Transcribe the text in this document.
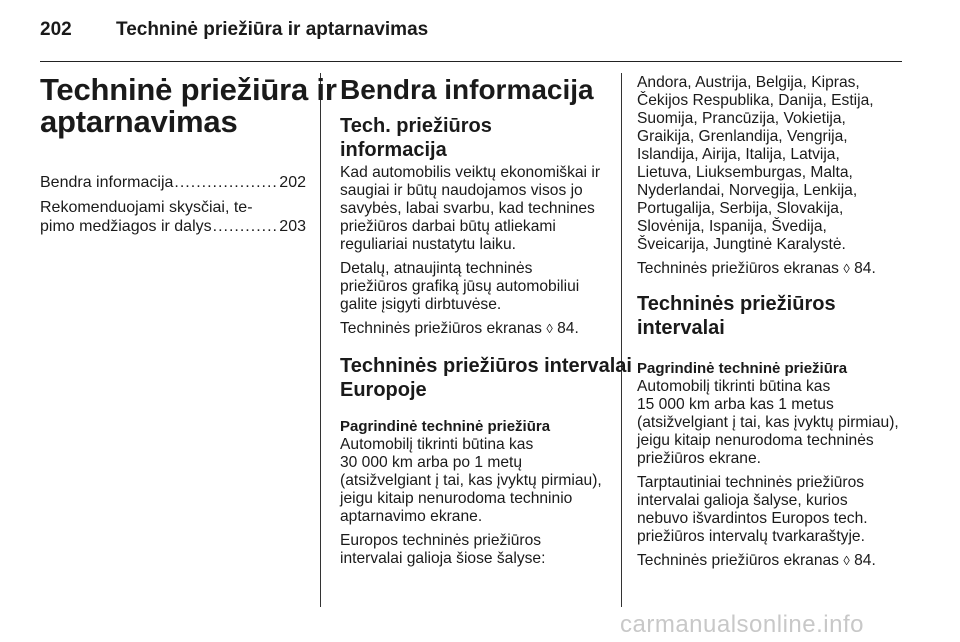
202 Techninė priežiūra ir aptarnavimas
Techninė priežiūra ir
aptarnavimas
Bendra informacija .....	202
Rekomenduojami skysčiai, te-
pimo medžiagos ir dalys .....	203
Bendra informacija
Tech. priežiūros
informacija

Kad automobilis veiktų ekonomiškai ir
saugiai ir būtų naudojamos visos jo
savybės, labai svarbu, kad technines
priežiūros darbai būtų atliekami
reguliariai nustatytu laiku.

Detalų, atnaujintą techninės
priežiūros grafiką jūsų automobiliui
galite įsigyti dirbtuvėse.

Techninės priežiūros ekranas ◊ 84.

Techninės priežiūros intervalai
Europoje
Pagrindinė techninė priežiūra

Automobilį tikrinti būtina kas
30 000 km arba po 1 metų
(atsižvelgiant į tai, kas įvyktų pirmiau),
jeigu kitaip nenurodoma techninio
aptarnavimo ekrane.

Europos techninės priežiūros
intervalai galioja šiose šalyse:

Andora, Austrija, Belgija, Kipras,
Čekijos Respublika, Danija, Estija,
Suomija, Prancūzija, Vokietija,
Graikija, Grenlandija, Vengrija,
Islandija, Airija, Italija, Latvija,
Lietuva, Liuksemburgas, Malta,
Nyderlandai, Norvegija, Lenkija,
Portugalija, Serbija, Slovakija,
Slovėnija, Ispanija, Švedija,
Šveicarija, Jungtinė Karalystė.

Techninės priežiūros ekranas ◊ 84.

Techninės priežiūros intervalai
Pagrindinė techninė priežiūra

Automobilį tikrinti būtina kas
15 000 km arba kas 1 metus
(atsižvelgiant į tai, kas įvyktų pirmiau),
jeigu kitaip nenurodoma techninės
priežiūros ekrane.

Tarptautiniai techninės priežiūros
intervalai galioja šalyse, kurios
nebuvo išvardintos Europos tech.
priežiūros intervalų tvarkaraštyje.

Techninės priežiūros ekranas ◊ 84.

carmanualsonline.info
